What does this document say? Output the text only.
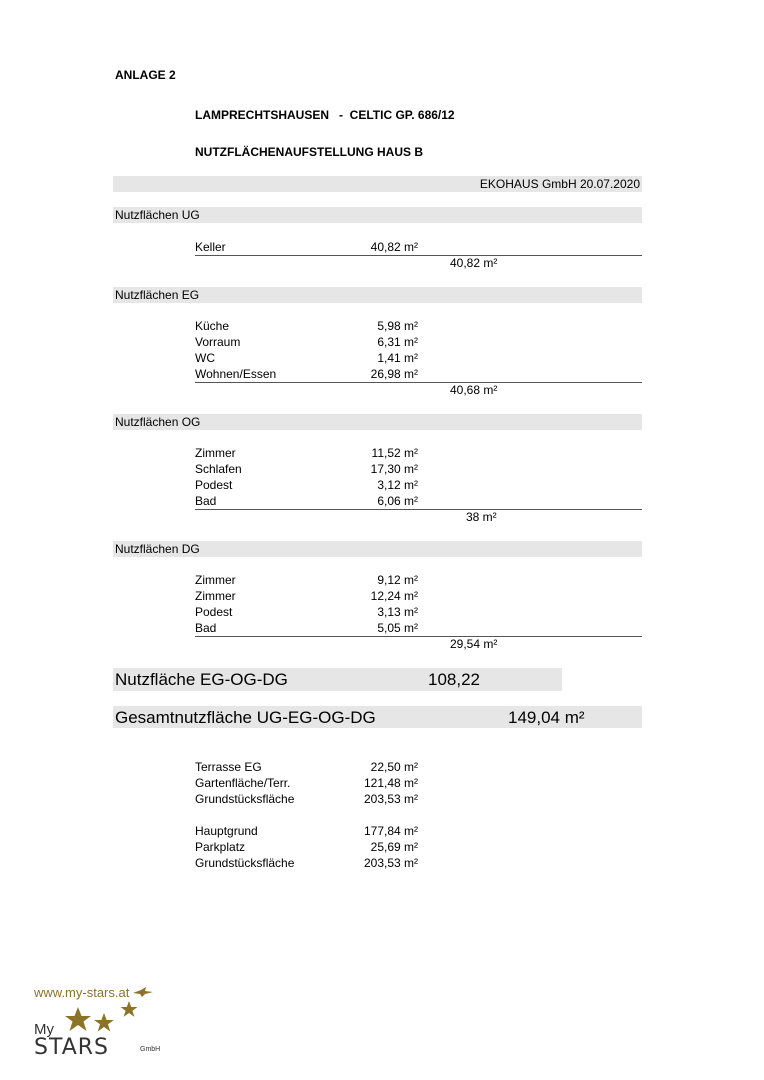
ANLAGE 2
LAMPRECHTSHAUSEN   -  CELTIC GP. 686/12
NUTZFLÄCHENAUFSTELLUNG HAUS B
EKOHAUS GmbH 20.07.2020
Nutzflächen UG
Keller	40,82 m²
40,82 m²
Nutzflächen EG
Küche	5,98 m²
Vorraum	6,31 m²
WC	1,41 m²
Wohnen/Essen	26,98 m²
40,68 m²
Nutzflächen OG
Zimmer	11,52 m²
Schlafen	17,30 m²
Podest	3,12 m²
Bad	6,06 m²
38 m²
Nutzflächen DG
Zimmer	9,12 m²
Zimmer	12,24 m²
Podest	3,13 m²
Bad	5,05 m²
29,54 m²
Nutzfläche EG-OG-DG	108,22
Gesamtnutzfläche UG-EG-OG-DG	149,04 m²
Terrasse EG	22,50 m²
Gartenfläche/Terr.	121,48 m²
Grundstücksfläche	203,53 m²
Hauptgrund	177,84 m²
Parkplatz	25,69 m²
Grundstücksfläche	203,53 m²
www.my-stars.at
My
STARS	GmbH
